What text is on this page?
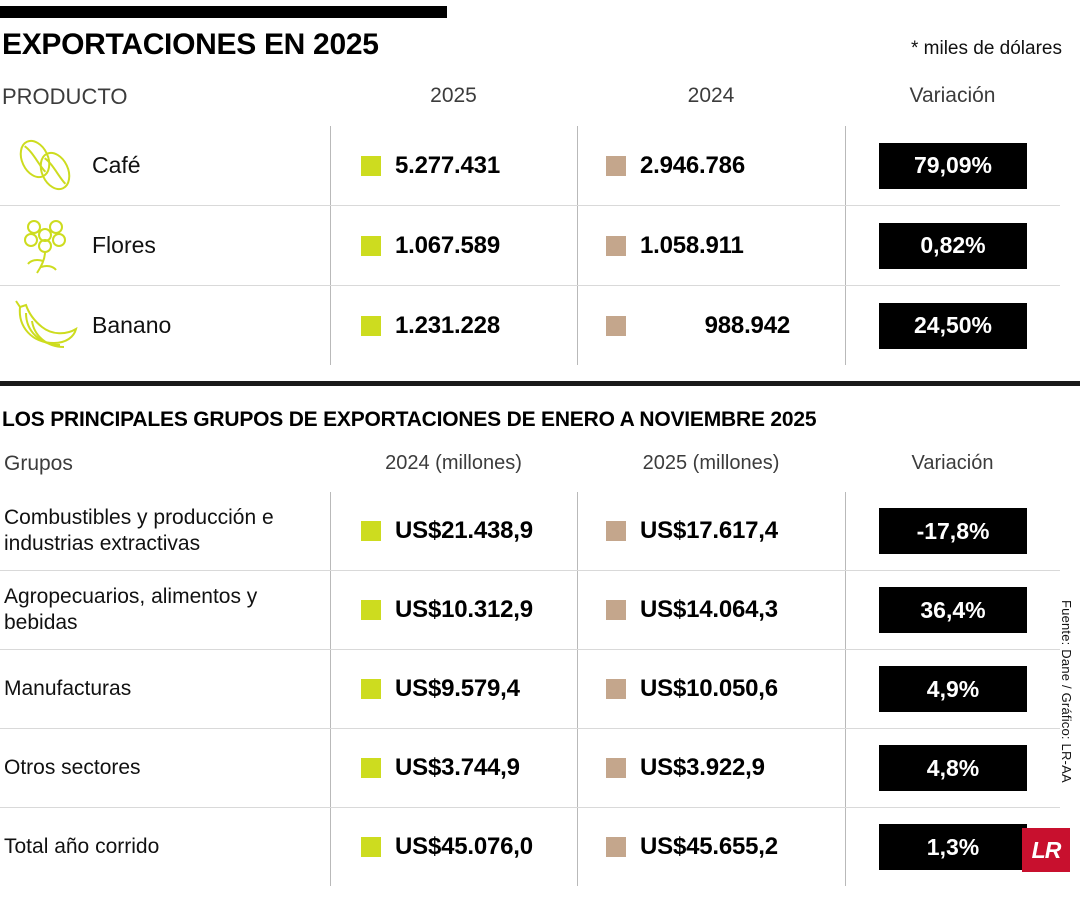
EXPORTACIONES EN 2025	* miles de dólares
PRODUCTO	2025	2024	Variación
Café	5.277.431	2.946.786	79,09%
Flores	1.067.589	1.058.911	0,82%
Banano	1.231.228	988.942	24,50%
LOS PRINCIPALES GRUPOS DE EXPORTACIONES DE ENERO A NOVIEMBRE 2025
Grupos	2024 (millones)	2025 (millones)	Variación
Combustibles y producción e industrias extractivas	US$21.438,9	US$17.617,4	-17,8%
Agropecuarios, alimentos y bebidas	US$10.312,9	US$14.064,3	36,4%
Manufacturas	US$9.579,4	US$10.050,6	4,9%
Otros sectores	US$3.744,9	US$3.922,9	4,8%
Total año corrido	US$45.076,0	US$45.655,2	1,3%
Fuente: Dane / Gráfico: LR-AA
LR
